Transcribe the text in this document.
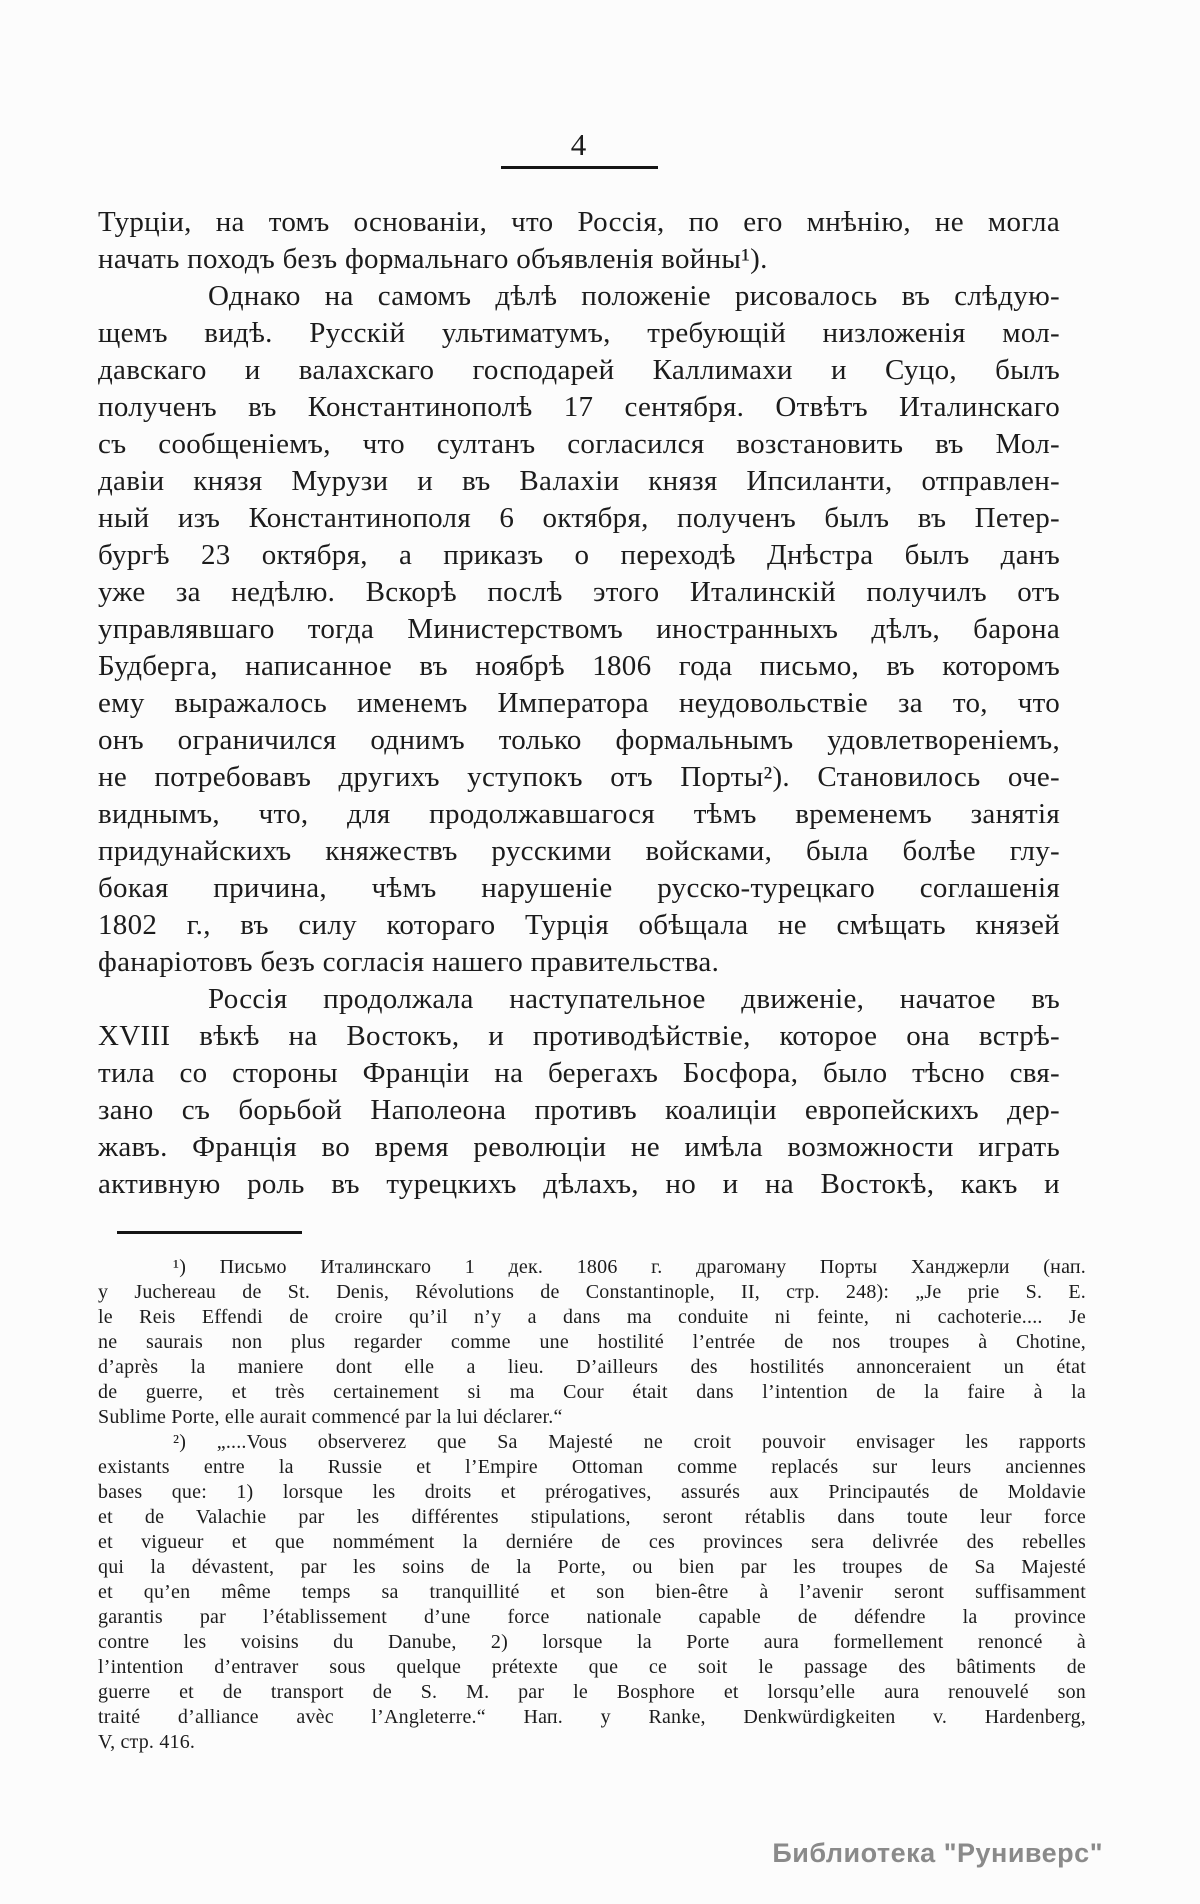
4
Турціи, на томъ основаніи, что Россія, по его мнѣнію, не могла
начать походъ безъ формальнаго объявленія войны¹).
Однако на самомъ дѣлѣ положеніе рисовалось въ слѣдую-
щемъ видѣ. Русскій ультиматумъ, требующій низложенія мол-
давскаго и валахскаго господарей Каллимахи и Суцо, былъ
полученъ въ Константинополѣ 17 сентября. Отвѣтъ Италинскаго
съ сообщеніемъ, что султанъ согласился возстановить въ Мол-
давіи князя Мурузи и въ Валахіи князя Ипсиланти, отправлен-
ный изъ Константинополя 6 октября, полученъ былъ въ Петер-
бургѣ 23 октября, а приказъ о переходѣ Днѣстра былъ данъ
уже за недѣлю. Вскорѣ послѣ этого Италинскій получилъ отъ
управлявшаго тогда Министерствомъ иностранныхъ дѣлъ, барона
Будберга, написанное въ ноябрѣ 1806 года письмо, въ которомъ
ему выражалось именемъ Императора неудовольствіе за то, что
онъ ограничился однимъ только формальнымъ удовлетвореніемъ,
не потребовавъ другихъ уступокъ отъ Порты²). Становилось оче-
виднымъ, что, для продолжавшагося тѣмъ временемъ занятія
придунайскихъ княжествъ русскими войсками, была болѣе глу-
бокая причина, чѣмъ нарушеніе русско-турецкаго соглашенія
1802 г., въ силу котораго Турція обѣщала не смѣщать князей
фанаріотовъ безъ согласія нашего правительства.
Россія продолжала наступательное движеніе, начатое въ
XVIII вѣкѣ на Востокъ, и противодѣйствіе, которое она встрѣ-
тила со стороны Франціи на берегахъ Босфора, было тѣсно свя-
зано съ борьбой Наполеона противъ коалиціи европейскихъ дер-
жавъ. Франція во время революціи не имѣла возможности играть
активную роль въ турецкихъ дѣлахъ, но и на Востокѣ, какъ и
¹) Письмо Италинскаго 1 дек. 1806 г. драгоману Порты Ханджерли (нап.
у Juchereau de St. Denis, Révolutions de Constantinople, II, стр. 248): „Je prie S. E.
le Reis Effendi de croire qu’il n’y a dans ma conduite ni feinte, ni cachoterie.... Je
ne saurais non plus regarder comme une hostilité l’entrée de nos troupes à Chotine,
d’après la maniere dont elle a lieu. D’ailleurs des hostilités annonceraient un état
de guerre, et très certainement si ma Cour était dans l’intention de la faire à la
Sublime Porte, elle aurait commencé par la lui déclarer.“
²) „....Vous observerez que Sa Majesté ne croit pouvoir envisager les rapports
existants entre la Russie et l’Empire Ottoman comme replacés sur leurs anciennes
bases que: 1) lorsque les droits et prérogatives, assurés aux Principautés de Moldavie
et de Valachie par les différentes stipulations, seront rétablis dans toute leur force
et vigueur et que nommément la derniére de ces provinces sera delivrée des rebelles
qui la dévastent, par les soins de la Porte, ou bien par les troupes de Sa Majesté
et qu’en même temps sa tranquillité et son bien-être à l’avenir seront suffisamment
garantis par l’établissement d’une force nationale capable de défendre la province
contre les voisins du Danube, 2) lorsque la Porte aura formellement renoncé à
l’intention d’entraver sous quelque prétexte que ce soit le passage des bâtiments de
guerre et de transport de S. M. par le Bosphore et lorsqu’elle aura renouvelé son
traité d’alliance avèc l’Angleterre.“ Нап. у Ranke, Denkwürdigkeiten v. Hardenberg,
V, стр. 416.
Библиотека "Руниверс"
